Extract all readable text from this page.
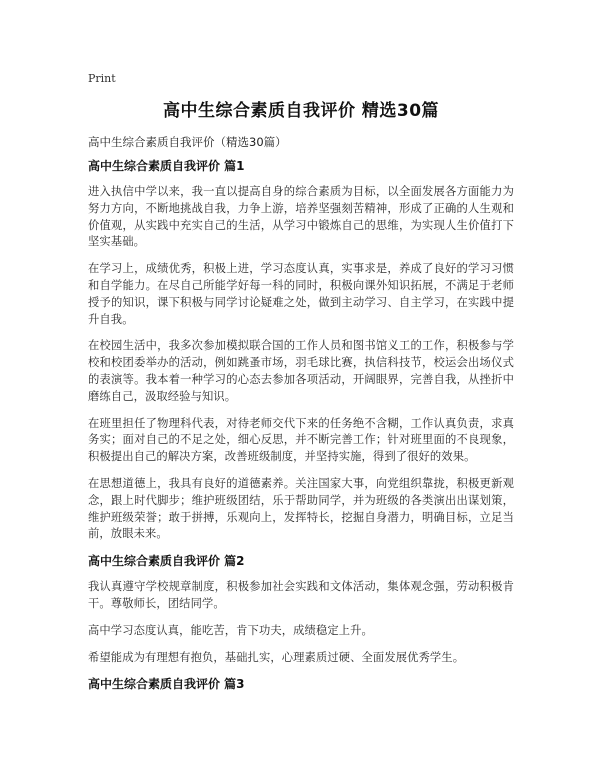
Print
高中生综合素质自我评价 精选30篇
高中生综合素质自我评价（精选30篇）
高中生综合素质自我评价 篇1

进入执信中学以来，我一直以提高自身的综合素质为目标，以全面发展各方面能力为努力方向，不断地挑战自我，力争上游，培养坚强刻苦精神，形成了正确的人生观和价值观，从实践中充实自己的生活，从学习中锻炼自己的思维，为实现人生价值打下坚实基础。

在学习上，成绩优秀，积极上进，学习态度认真，实事求是，养成了良好的学习习惯和自学能力。在尽自己所能学好每一科的同时，积极向课外知识拓展，不满足于老师授予的知识，课下积极与同学讨论疑难之处，做到主动学习、自主学习，在实践中提升自我。

在校园生活中，我多次参加模拟联合国的工作人员和图书馆义工的工作，积极参与学校和校团委举办的活动，例如跳蚤市场，羽毛球比赛，执信科技节，校运会出场仪式的表演等。我本着一种学习的心态去参加各项活动，开阔眼界，完善自我，从挫折中磨练自己，汲取经验与知识。

在班里担任了物理科代表，对待老师交代下来的任务绝不含糊，工作认真负责，求真务实；面对自己的不足之处，细心反思，并不断完善工作；针对班里面的不良现象，积极提出自己的解决方案，改善班级制度，并坚持实施，得到了很好的效果。

在思想道德上，我具有良好的道德素养。关注国家大事，向党组织靠拢，积极更新观念，跟上时代脚步；维护班级团结，乐于帮助同学，并为班级的各类演出出谋划策，维护班级荣誉；敢于拼搏，乐观向上，发挥特长，挖掘自身潜力，明确目标，立足当前，放眼未来。

高中生综合素质自我评价 篇2

我认真遵守学校规章制度，积极参加社会实践和文体活动，集体观念强，劳动积极肯干。尊敬师长，团结同学。

高中学习态度认真，能吃苦，肯下功夫，成绩稳定上升。

希望能成为有理想有抱负，基础扎实，心理素质过硬、全面发展优秀学生。

高中生综合素质自我评价 篇3
